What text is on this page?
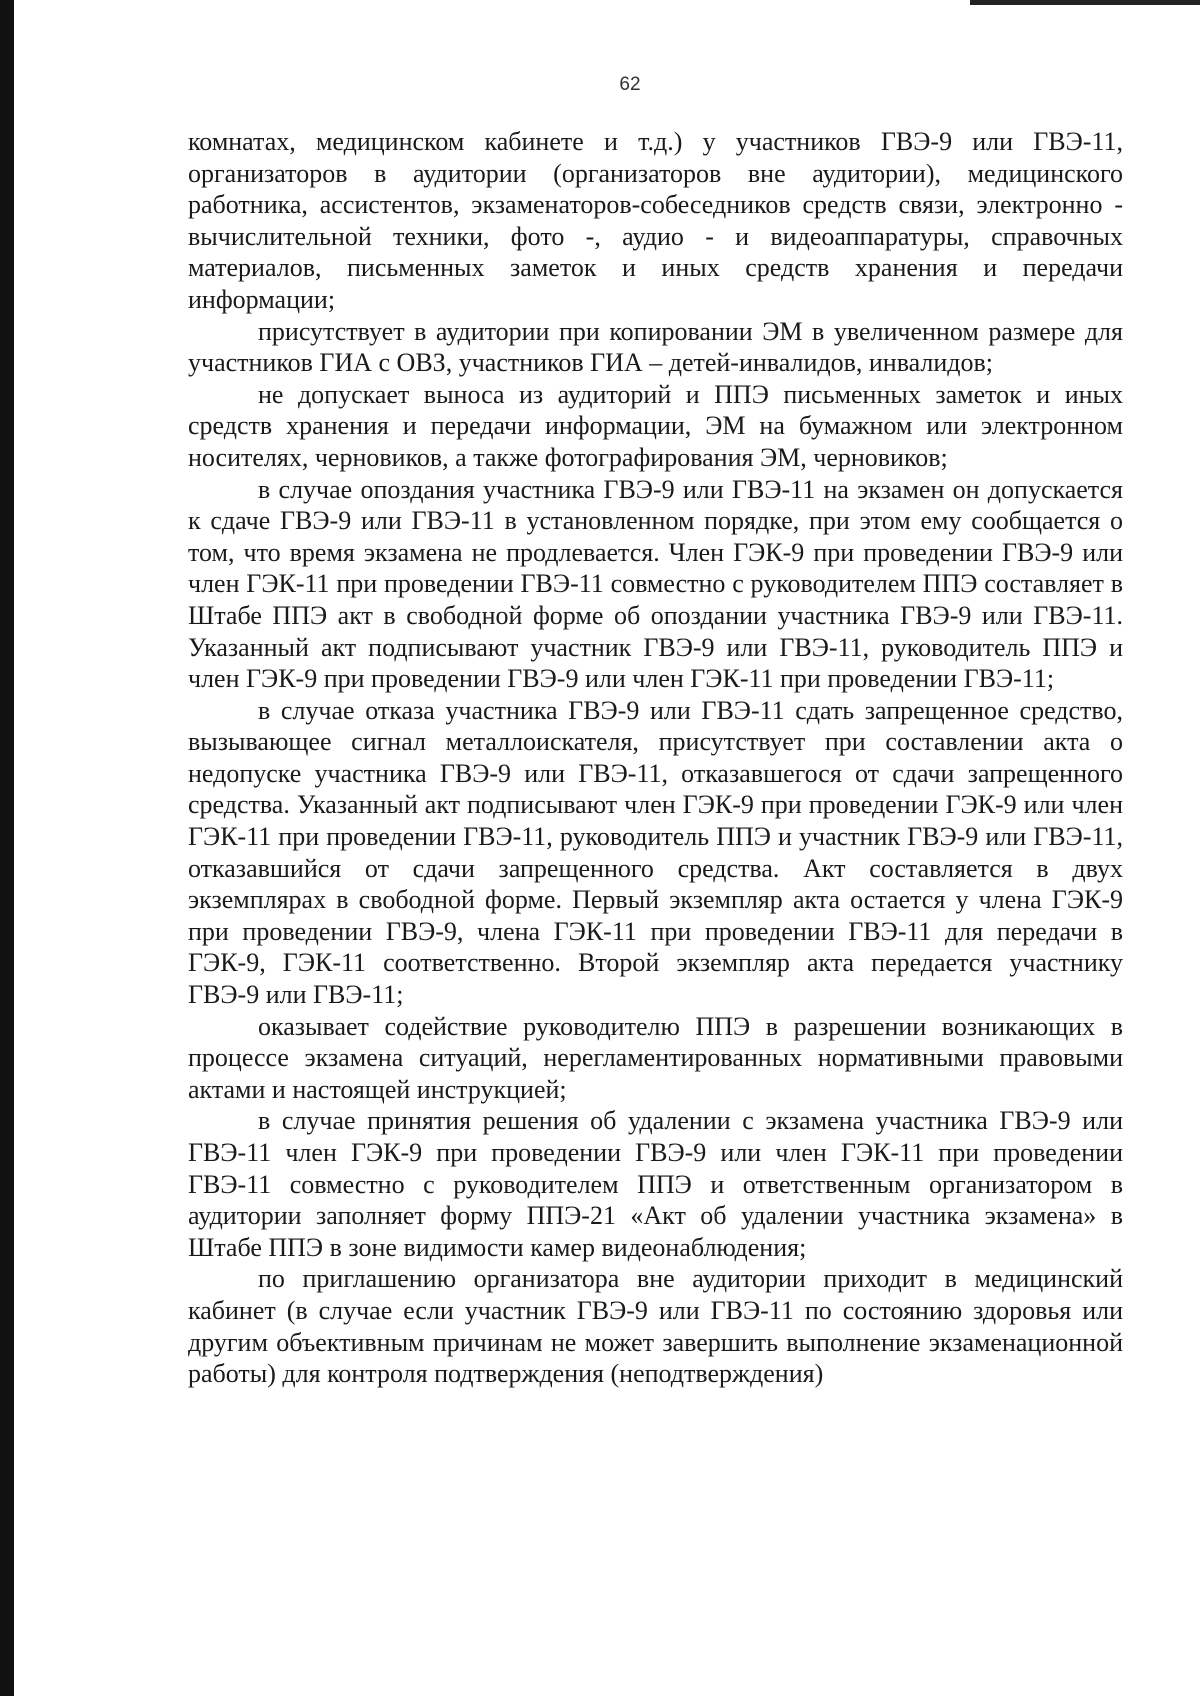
62

комнатах, медицинском кабинете и т.д.) у участников ГВЭ-9 или ГВЭ-11, организаторов в аудитории (организаторов вне аудитории), медицинского работника, ассистентов, экзаменаторов-собеседников средств связи, электронно - вычислительной техники, фото -, аудио - и видеоаппаратуры, справочных материалов, письменных заметок и иных средств хранения и передачи информации;

присутствует в аудитории при копировании ЭМ в увеличенном размере для участников ГИА с ОВЗ, участников ГИА – детей-инвалидов, инвалидов;

не допускает выноса из аудиторий и ППЭ письменных заметок и иных средств хранения и передачи информации, ЭМ на бумажном или электронном носителях, черновиков, а также фотографирования ЭМ, черновиков;

в случае опоздания участника ГВЭ-9 или ГВЭ-11 на экзамен он допускается к сдаче ГВЭ-9 или ГВЭ-11 в установленном порядке, при этом ему сообщается о том, что время экзамена не продлевается. Член ГЭК-9 при проведении ГВЭ-9 или член ГЭК-11 при проведении ГВЭ-11 совместно с руководителем ППЭ составляет в Штабе ППЭ акт в свободной форме об опоздании участника ГВЭ-9 или ГВЭ-11. Указанный акт подписывают участник ГВЭ-9 или ГВЭ-11, руководитель ППЭ и член ГЭК-9 при проведении ГВЭ-9 или член ГЭК-11 при проведении ГВЭ-11;

в случае отказа участника ГВЭ-9 или ГВЭ-11 сдать запрещенное средство, вызывающее сигнал металлоискателя, присутствует при составлении акта о недопуске участника ГВЭ-9 или ГВЭ-11, отказавшегося от сдачи запрещенного средства. Указанный акт подписывают член ГЭК-9 при проведении ГЭК-9 или член ГЭК-11 при проведении ГВЭ-11, руководитель ППЭ и участник ГВЭ-9 или ГВЭ-11, отказавшийся от сдачи запрещенного средства. Акт составляется в двух экземплярах в свободной форме. Первый экземпляр акта остается у члена ГЭК-9 при проведении ГВЭ-9, члена ГЭК-11 при проведении ГВЭ-11 для передачи в ГЭК-9, ГЭК-11 соответственно. Второй экземпляр акта передается участнику ГВЭ-9 или ГВЭ-11;

оказывает содействие руководителю ППЭ в разрешении возникающих в процессе экзамена ситуаций, нерегламентированных нормативными правовыми актами и настоящей инструкцией;

в случае принятия решения об удалении с экзамена участника ГВЭ-9 или ГВЭ-11 член ГЭК-9 при проведении ГВЭ-9 или член ГЭК-11 при проведении ГВЭ-11 совместно с руководителем ППЭ и ответственным организатором в аудитории заполняет форму ППЭ-21 «Акт об удалении участника экзамена» в Штабе ППЭ в зоне видимости камер видеонаблюдения;

по приглашению организатора вне аудитории приходит в медицинский кабинет (в случае если участник ГВЭ-9 или ГВЭ-11 по состоянию здоровья или другим объективным причинам не может завершить выполнение экзаменационной работы) для контроля подтверждения (неподтверждения)
